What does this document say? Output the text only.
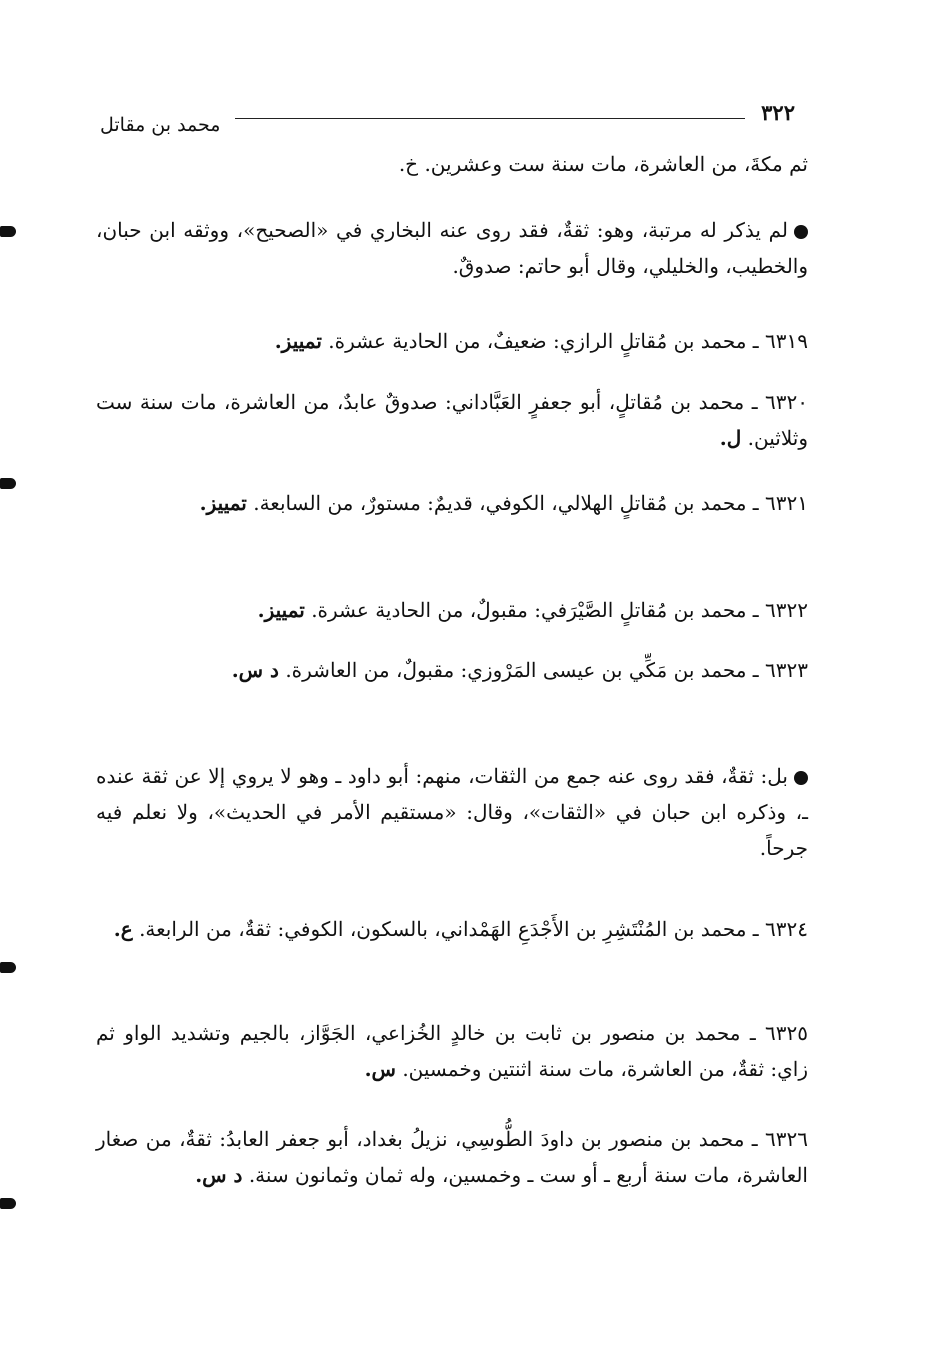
٣٢٢
محمد بن مقاتل

ثم مكةَ، من العاشرة، مات سنة ست وعشرين. خ.

لم يذكر له مرتبة، وهو: ثقةٌ، فقد روى عنه البخاري في «الصحيح»، ووثقه ابن حبان، والخطيب، والخليلي، وقال أبو حاتم: صدوقٌ.

٦٣١٩ ـ محمد بن مُقاتلٍ الرازي: ضعيفٌ، من الحادية عشرة. تمييز.

٦٣٢٠ ـ محمد بن مُقاتلٍ، أبو جعفرٍ العَبَّاداني: صدوقٌ عابدٌ، من العاشرة، مات سنة ست وثلاثين. ل.

٦٣٢١ ـ محمد بن مُقاتلٍ الهلالي، الكوفي، قديمٌ: مستورٌ، من السابعة. تمييز.

٦٣٢٢ ـ محمد بن مُقاتلٍ الصَّيْرَفي: مقبولٌ، من الحادية عشرة. تمييز.

٦٣٢٣ ـ محمد بن مَكِّي بن عيسى المَرْوزي: مقبولٌ، من العاشرة. د س.

بل: ثقةٌ، فقد روى عنه جمع من الثقات، منهم: أبو داود ـ وهو لا يروي إلا عن ثقة عنده ـ، وذكره ابن حبان في «الثقات»، وقال: «مستقيم الأمر في الحديث»، ولا نعلم فيه جرحاً.

٦٣٢٤ ـ محمد بن المُنْتَشِرِ بن الأَجْدَعِ الهَمْداني، بالسكون، الكوفي: ثقةٌ، من الرابعة. ع.

٦٣٢٥ ـ محمد بن منصور بن ثابت بن خالدٍ الخُزاعي، الجَوَّاز، بالجيم وتشديد الواو ثم زاي: ثقةٌ، من العاشرة، مات سنة اثنتين وخمسين. س.

٦٣٢٦ ـ محمد بن منصور بن داودَ الطُّوسِي، نزيلُ بغداد، أبو جعفر العابدُ: ثقةٌ، من صغار العاشرة، مات سنة أربع ـ أو ست ـ وخمسين، وله ثمان وثمانون سنة. د س.
